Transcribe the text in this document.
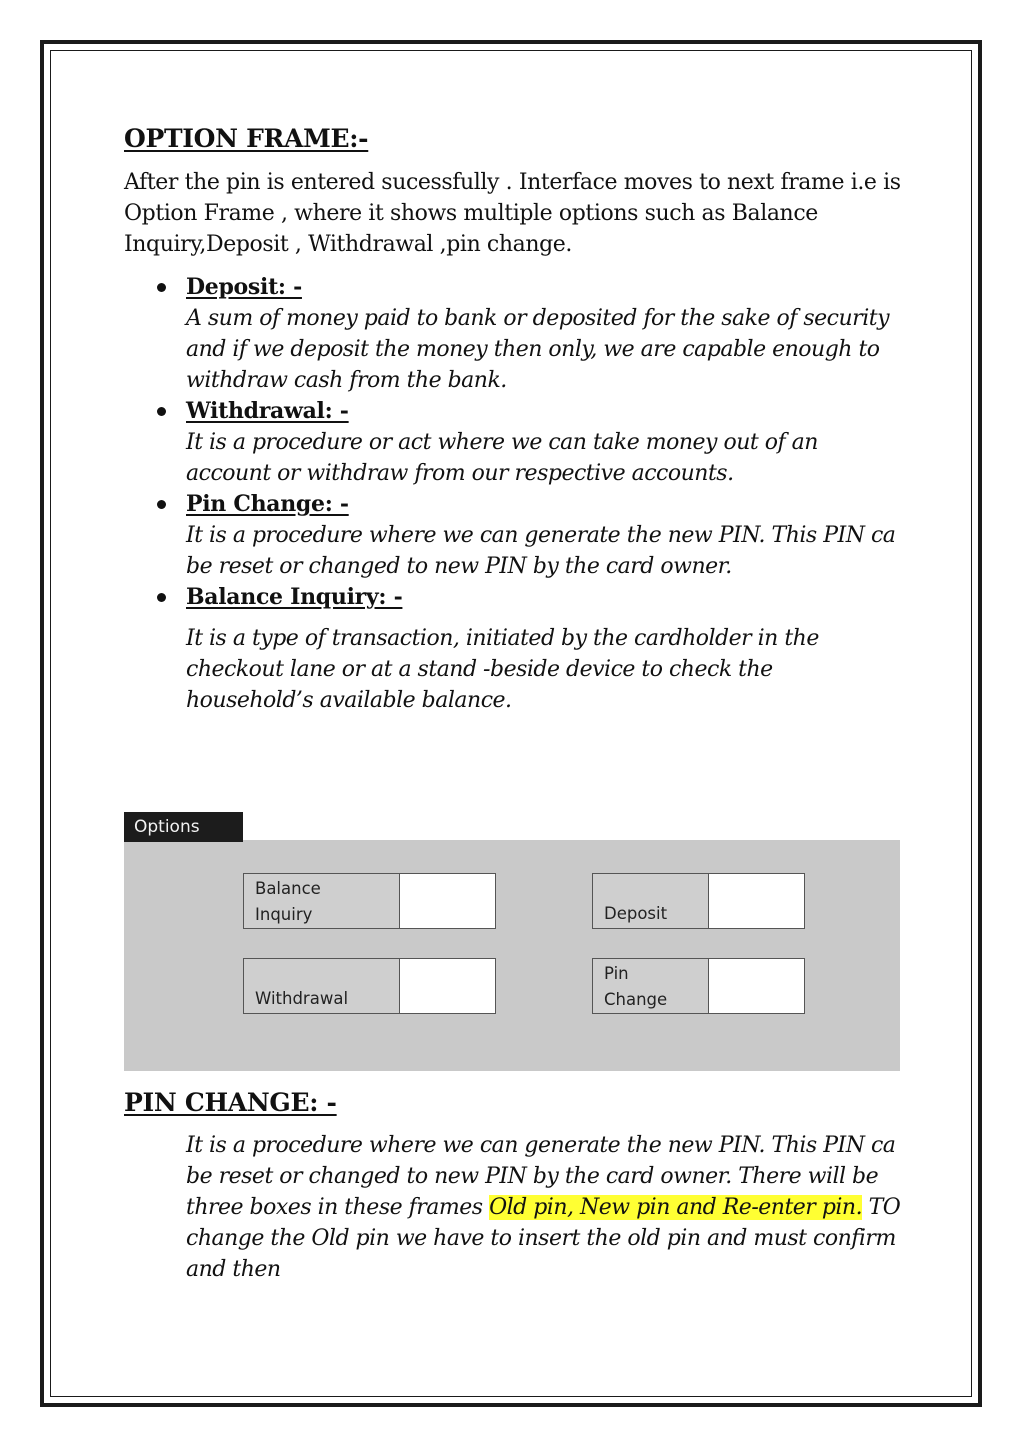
OPTION FRAME:-

After the pin is entered sucessfully . Interface moves to next frame i.e is Option Frame , where it shows multiple options such as Balance Inquiry,Deposit , Withdrawal ,pin change.

Deposit: -
A sum of money paid to bank or deposited for the sake of security and if we deposit the money then only, we are capable enough to withdraw cash from the bank.
Withdrawal: -
It is a procedure or act where we can take money out of an account or withdraw from our respective accounts.
Pin Change: -
It is a procedure where we can generate the new PIN. This PIN ca be reset or changed to new PIN by the card owner.
Balance Inquiry: -
It is a type of transaction, initiated by the cardholder in the checkout lane or at a stand -beside device to check the household’s available balance.
Options
Balance
Inquiry	Deposit
Withdrawal
Pin
Change
PIN CHANGE: -

It is a procedure where we can generate the new PIN. This PIN ca be reset or changed to new PIN by the card owner. There will be three boxes in these frames Old pin, New pin and Re-enter pin. TO change the Old pin we have to insert the old pin and must confirm and then
